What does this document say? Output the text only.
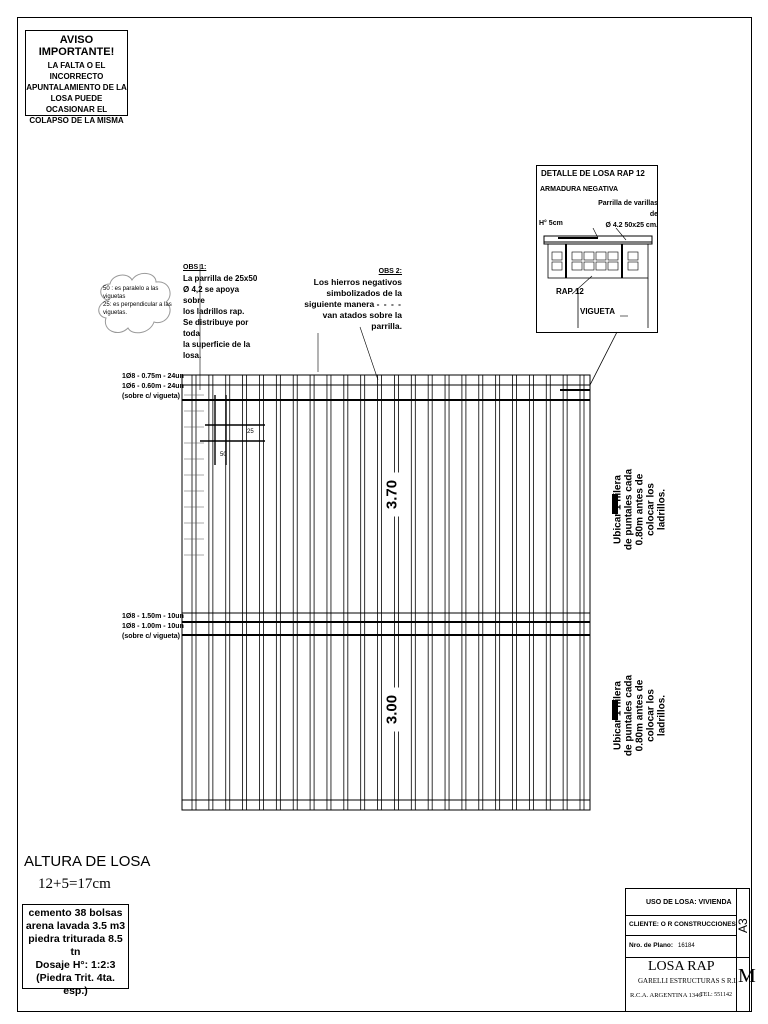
AVISO IMPORTANTE!
LA FALTA O EL INCORRECTO
APUNTALAMIENTO DE LA
LOSA PUEDE OCASIONAR EL
COLAPSO DE LA MISMA
50 : es paralelo a las
viguetas
25: es perpendicular a las
viguetas.
OBS 1:
La parrilla de 25x50
Ø 4,2 se apoya sobre
los ladrillos rap.
Se distribuye por toda
la superficie de la losa.
OBS 2:
Los hierros negativos
simbolizados de la
siguiente manera - - - -
van atados sobre la parrilla.
DETALLE DE LOSA RAP 12
ARMADURA NEGATIVA
Parrilla de varillas de
Ø 4.2 50x25 cm.
H° 5cm
RAP 12
VIGUETA
1Ø8 - 0.75m - 24un
1Ø6 - 0.60m - 24un
(sobre c/ vigueta)
1Ø8 - 1.50m - 10un
1Ø8 - 1.00m - 10un
(sobre c/ vigueta)
25
50
3.70
3.00
Ubicar 1 hilera de puntales cada 0.80m antes de colocar los ladrillos.
Ubicar 1 hilera de puntales cada 0.80m antes de colocar los ladrillos.
ALTURA DE LOSA
12+5=17cm
cemento 38 bolsas
arena lavada 3.5 m3
piedra triturada 8.5 tn
Dosaje H°: 1:2:3
(Piedra Trit. 4ta. esp.)
USO DE LOSA: VIVIENDA
CLIENTE: O R CONSTRUCCIONES
Nro. de Plano: 16184
LOSA RAP
GARELLI ESTRUCTURAS S R.L
R.C.A. ARGENTINA 1346
TEL: 551142
A3
M
